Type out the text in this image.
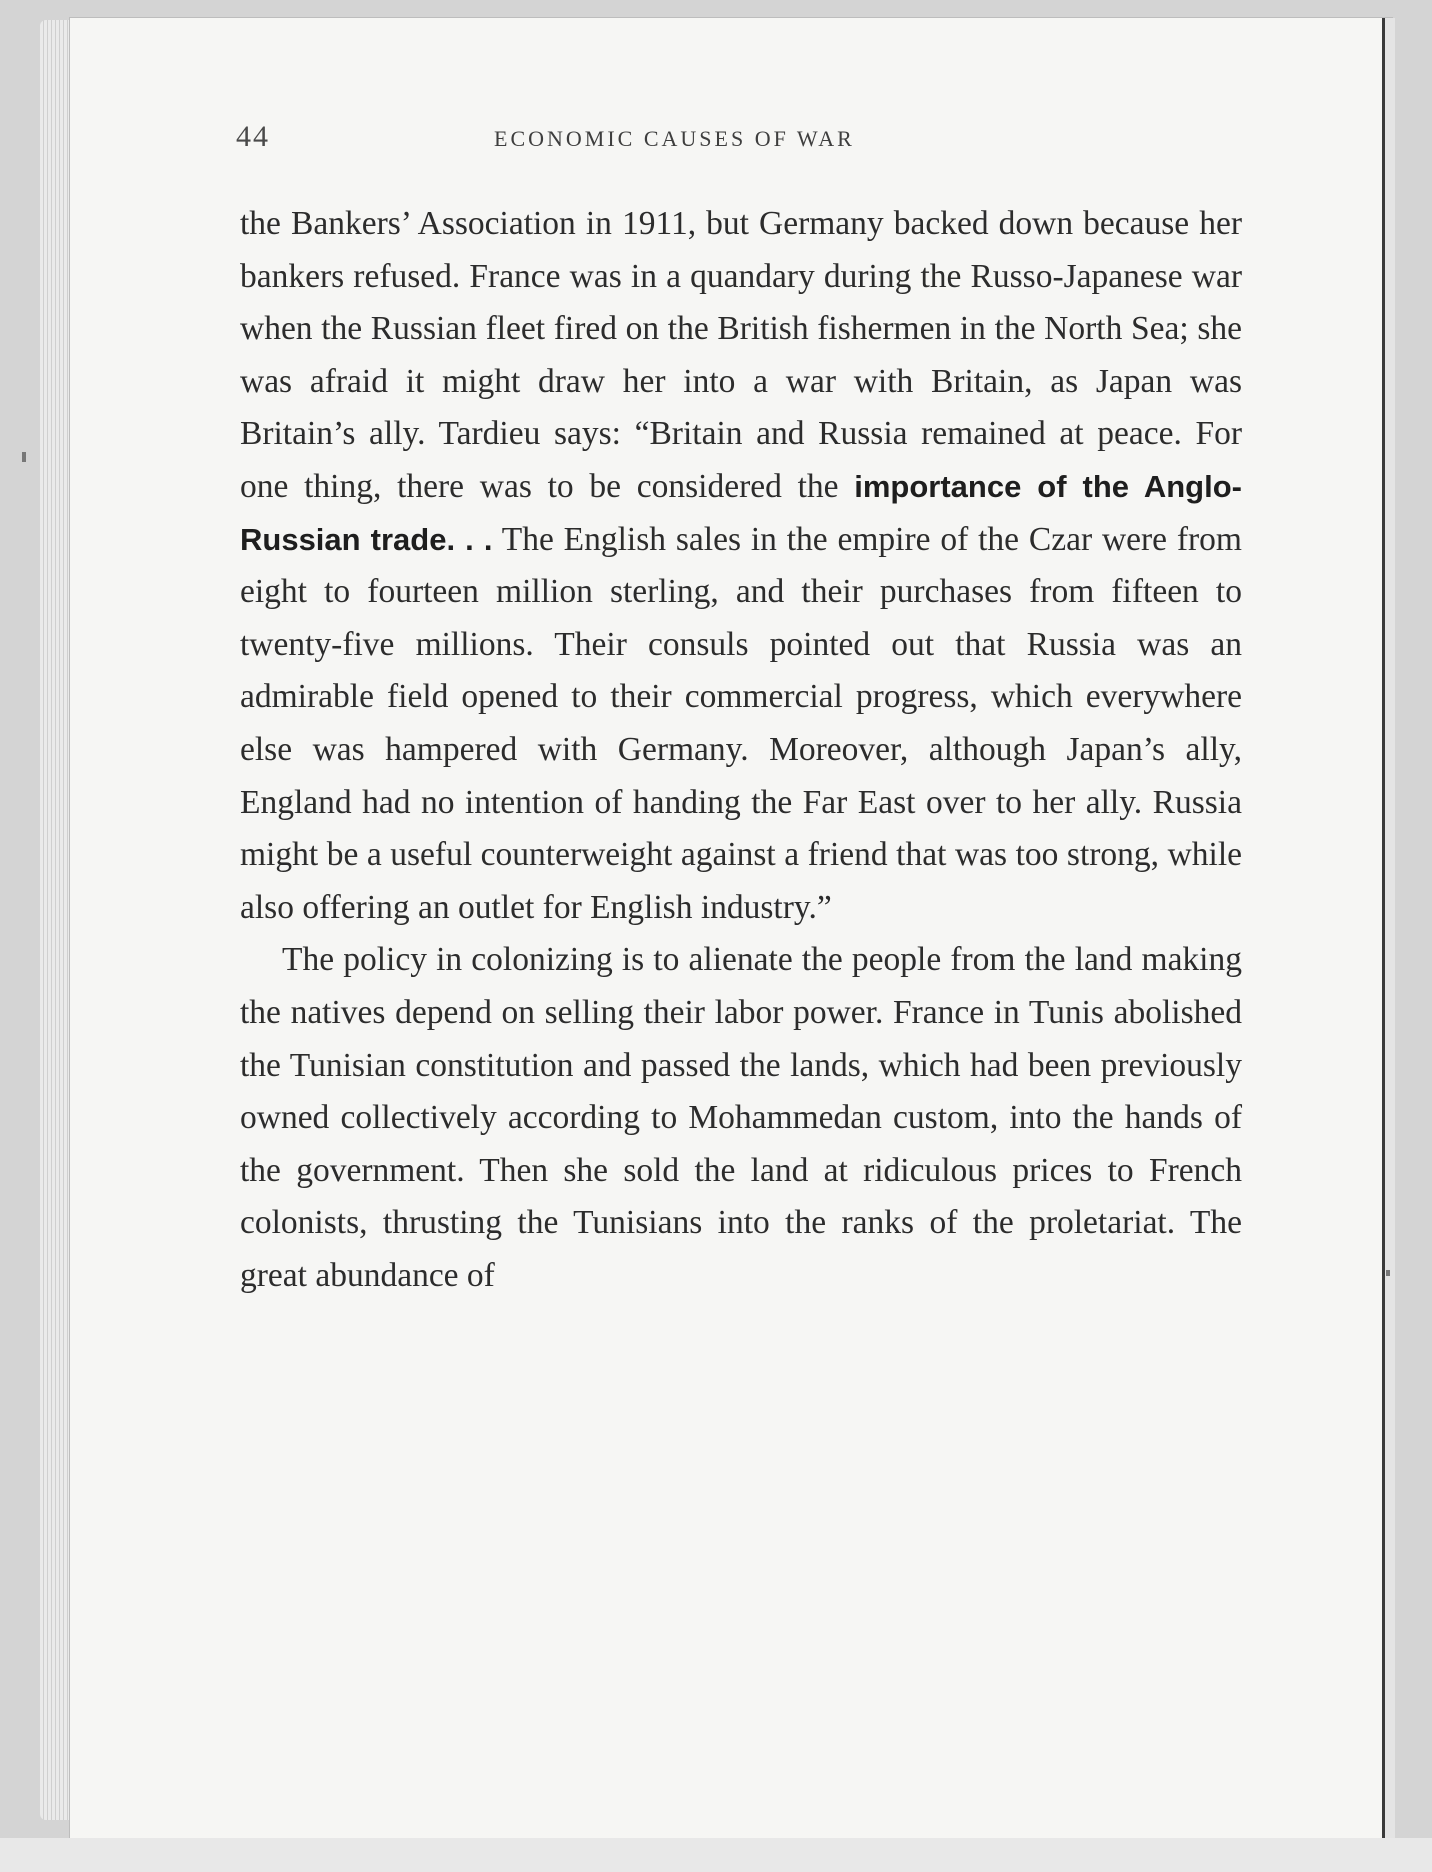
44	ECONOMIC CAUSES OF WAR

the Bankers’ Association in 1911, but Germany backed down because her bankers refused. France was in a quandary during the Russo-Japanese war when the Russian fleet fired on the British fishermen in the North Sea; she was afraid it might draw her into a war with Britain, as Japan was Britain’s ally. Tardieu says: “Britain and Russia remained at peace. For one thing, there was to be considered the importance of the Anglo-Russian trade. . . The English sales in the empire of the Czar were from eight to fourteen million sterling, and their purchases from fifteen to twenty-five millions. Their consuls pointed out that Russia was an admirable field opened to their commercial progress, which everywhere else was hampered with Germany. Moreover, although Japan’s ally, England had no intention of handing the Far East over to her ally. Russia might be a useful counterweight against a friend that was too strong, while also offering an outlet for English industry.”

The policy in colonizing is to alienate the people from the land making the natives depend on selling their labor power. France in Tunis abolished the Tunisian constitution and passed the lands, which had been previously owned collectively according to Mohammedan custom, into the hands of the government. Then she sold the land at ridiculous prices to French colonists, thrusting the Tunisians into the ranks of the proletariat. The great abundance of
